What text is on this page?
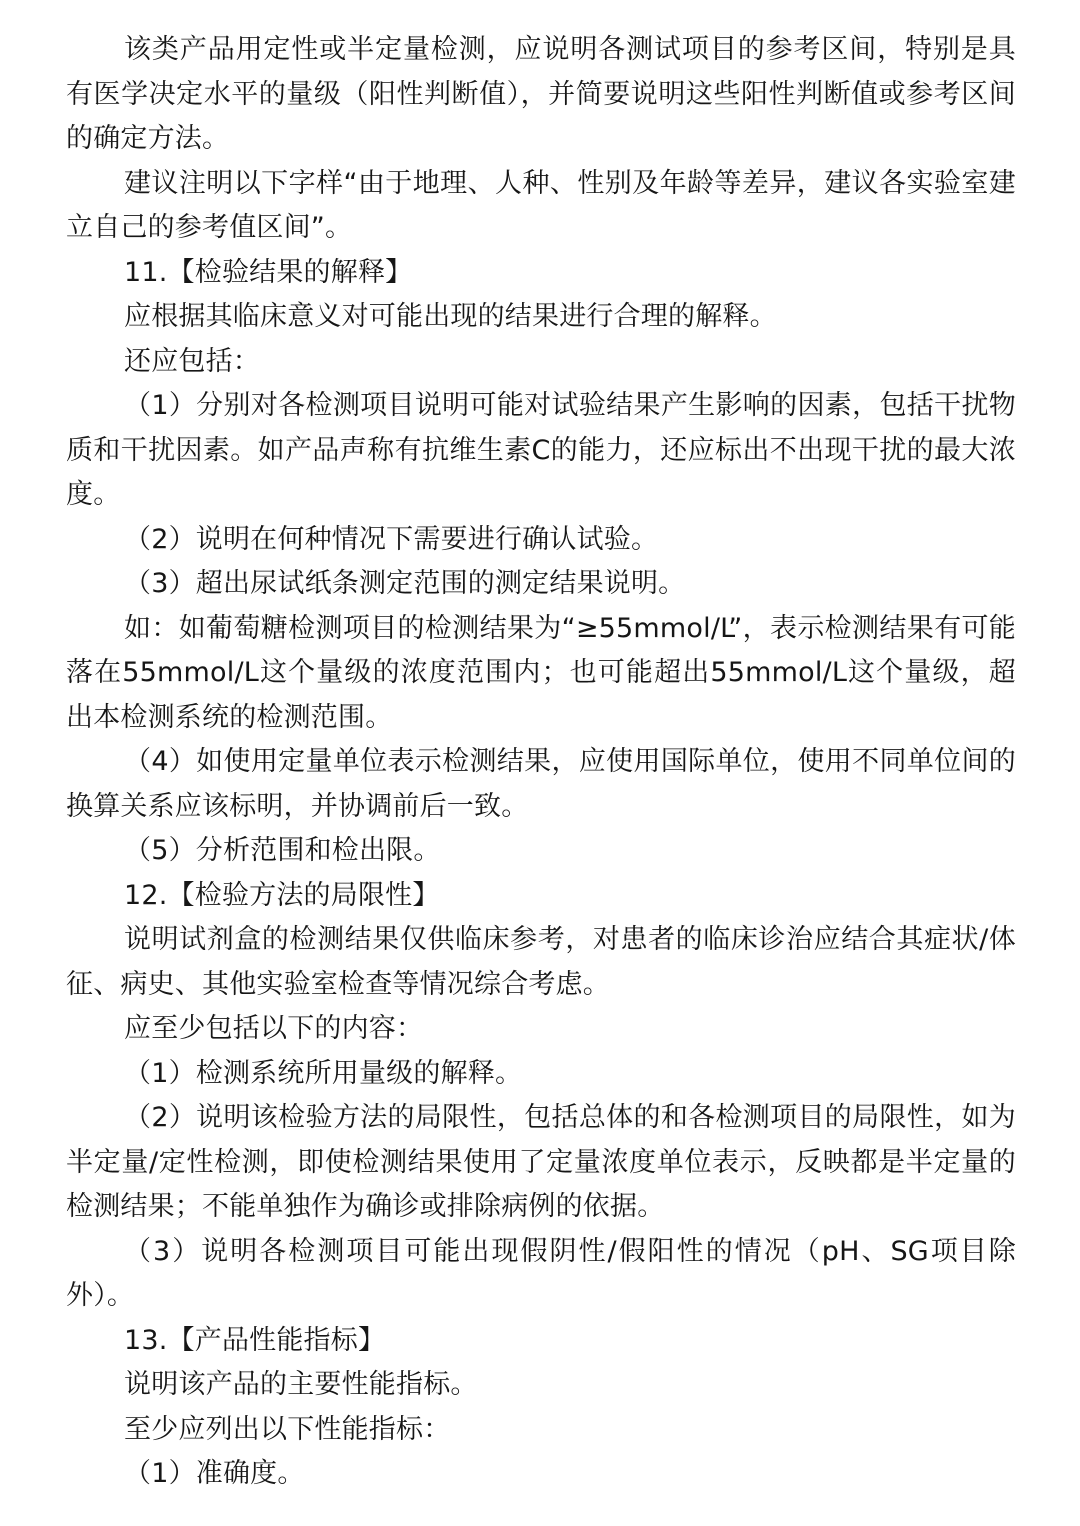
该类产品用定性或半定量检测，应说明各测试项目的参考区间，特别是具有医学决定水平的量级（阳性判断值），并简要说明这些阳性判断值或参考区间的确定方法。

建议注明以下字样“由于地理、人种、性别及年龄等差异，建议各实验室建立自己的参考值区间”。

11.【检验结果的解释】

应根据其临床意义对可能出现的结果进行合理的解释。

还应包括：

（1）分别对各检测项目说明可能对试验结果产生影响的因素，包括干扰物质和干扰因素。如产品声称有抗维生素C的能力，还应标出不出现干扰的最大浓度。

（2）说明在何种情况下需要进行确认试验。

（3）超出尿试纸条测定范围的测定结果说明。

如：如葡萄糖检测项目的检测结果为“≥55mmol/L”，表示检测结果有可能落在55mmol/L这个量级的浓度范围内；也可能超出55mmol/L这个量级，超出本检测系统的检测范围。

（4）如使用定量单位表示检测结果，应使用国际单位，使用不同单位间的换算关系应该标明，并协调前后一致。

（5）分析范围和检出限。

12.【检验方法的局限性】

说明试剂盒的检测结果仅供临床参考，对患者的临床诊治应结合其症状/体征、病史、其他实验室检查等情况综合考虑。

应至少包括以下的内容：

（1）检测系统所用量级的解释。

（2）说明该检验方法的局限性，包括总体的和各检测项目的局限性，如为半定量/定性检测，即使检测结果使用了定量浓度单位表示，反映都是半定量的检测结果；不能单独作为确诊或排除病例的依据。

（3）说明各检测项目可能出现假阴性/假阳性的情况（pH、SG项目除外）。

13.【产品性能指标】

说明该产品的主要性能指标。

至少应列出以下性能指标：

（1）准确度。
